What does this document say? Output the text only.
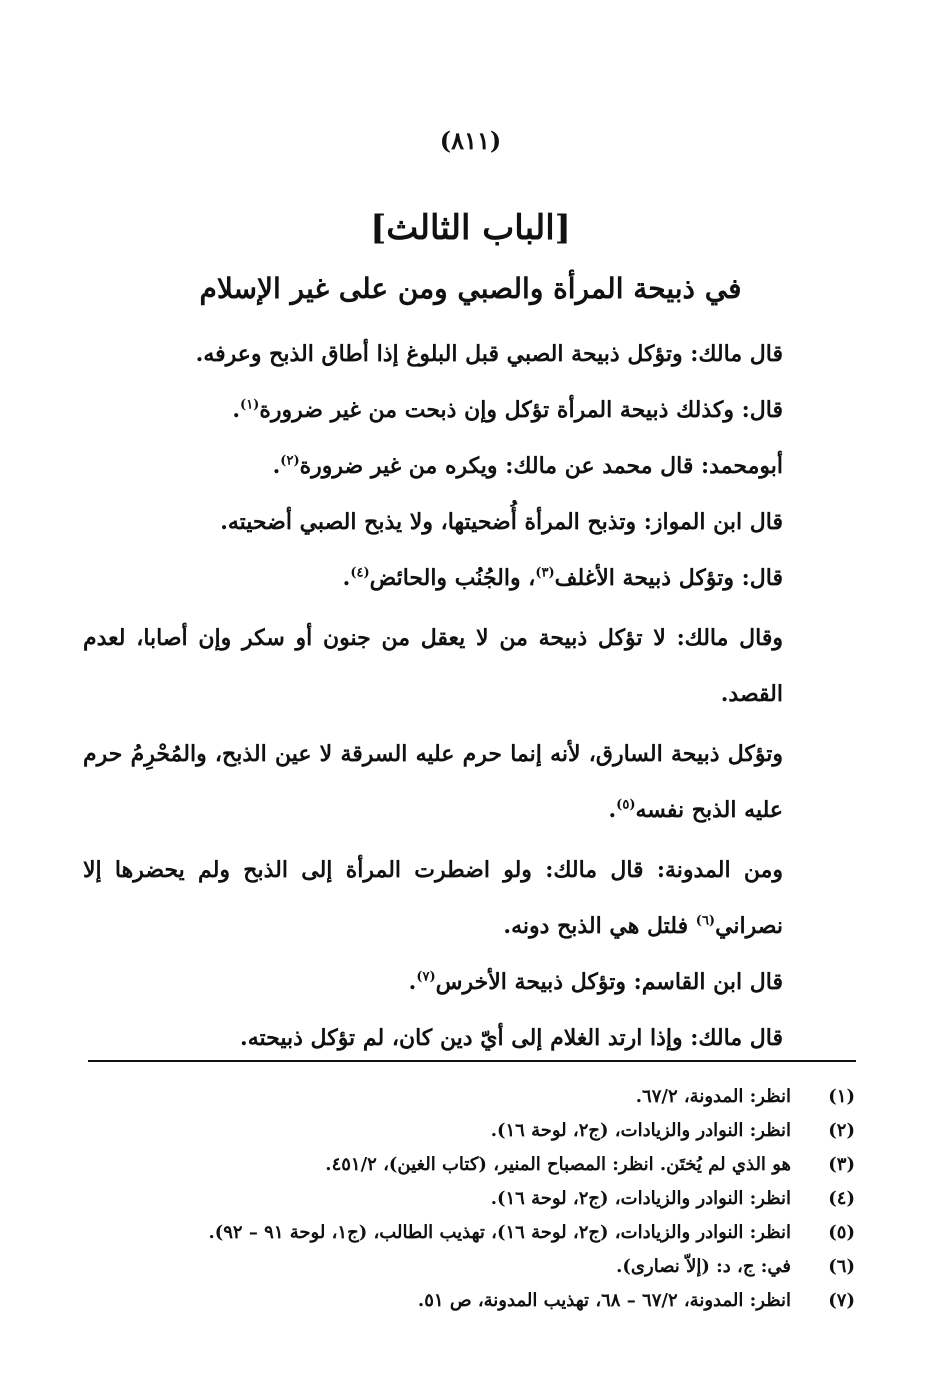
(٨١١)
[الباب الثالث]
في ذبيحة المرأة والصبي ومن على غير الإسلام

قال مالك: وتؤكل ذبيحة الصبي قبل البلوغ إذا أطاق الذبح وعرفه.

قال: وكذلك ذبيحة المرأة تؤكل وإن ذبحت من غير ضرورة$^{(١)}$.

أبومحمد: قال محمد عن مالك: ويكره من غير ضرورة$^{(٢)}$.

قال ابن المواز: وتذبح المرأة أُضحيتها، ولا يذبح الصبي أضحيته.

قال: وتؤكل ذبيحة الأغلف$^{(٣)}$، والجُنُب والحائض$^{(٤)}$.

وقال مالك: لا تؤكل ذبيحة من لا يعقل من جنون أو سكر وإن أصابا، لعدم القصد.

وتؤكل ذبيحة السارق، لأنه إنما حرم عليه السرقة لا عين الذبح، والمُحْرِمُ حرم عليه الذبح نفسه$^{(٥)}$.

ومن المدونة: قال مالك: ولو اضطرت المرأة إلى الذبح ولم يحضرها إلا نصراني$^{(٦)}$ فلتل هي الذبح دونه.

قال ابن القاسم: وتؤكل ذبيحة الأخرس$^{(٧)}$.

قال مالك: وإذا ارتد الغلام إلى أيّ دين كان، لم تؤكل ذبيحته.

(١)
انظر: المدونة، ٦٧/٢.
(٢)
انظر: النوادر والزيادات، (ج٢، لوحة ١٦).
(٣)
هو الذي لم يُختَن. انظر: المصباح المنير، (كتاب الغين)، ٤٥١/٢.
(٤)
انظر: النوادر والزيادات، (ج٢، لوحة ١٦).
(٥)
انظر: النوادر والزيادات، (ج٢، لوحة ١٦)، تهذيب الطالب، (ج١، لوحة ٩١ – ٩٢).
(٦)
في: ج، د: (إلاّ نصارى).
(٧)
انظر: المدونة، ٦٧/٢ – ٦٨، تهذيب المدونة، ص ٥١.
